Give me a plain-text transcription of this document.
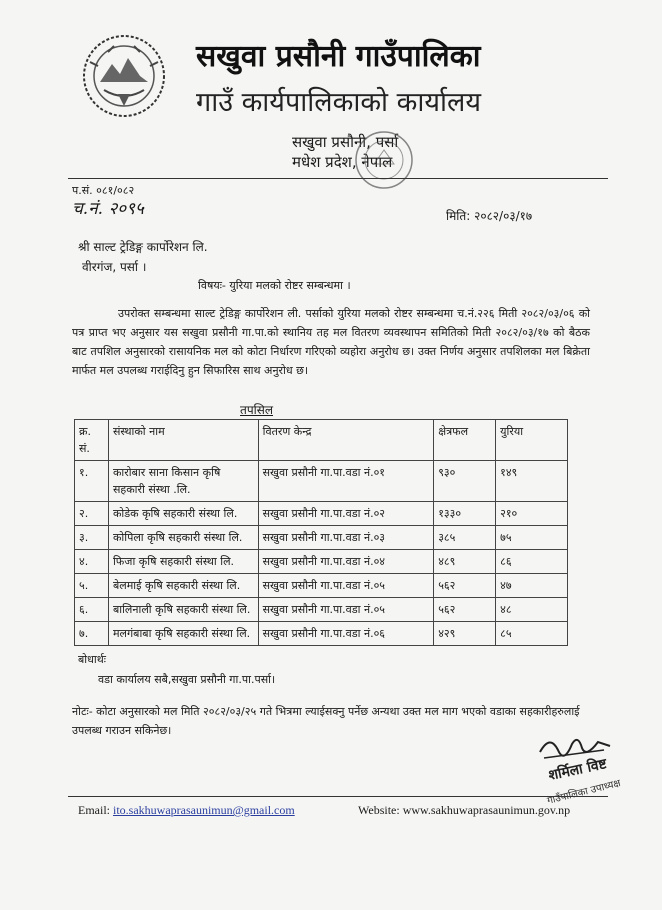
सखुवा प्रसौनी गाउँपालिका
गाउँ कार्यपालिकाको कार्यालय
सखुवा प्रसौनी, पर्सा
मधेश प्रदेश, नेपाल
प.सं. ०८१/०८२
च.नं. २०९५	मिति: २०८२/०३/१७
श्री साल्ट ट्रेडिङ्ग कार्पोरेशन लि.
वीरगंज, पर्सा ।
विषयः- युरिया मलको रोष्टर सम्बन्धमा ।
उपरोक्त सम्बन्धमा साल्ट ट्रेडिङ्ग कार्पोरेशन ली. पर्साको युरिया मलको रोष्टर सम्बन्धमा च.नं.२२६ मिती २०८२/०३/०६ को पत्र प्राप्त भए अनुसार यस सखुवा प्रसौनी गा.पा.को स्थानिय तह मल वितरण व्यवस्थापन समितिको मिती २०८२/०३/१७ को बैठक बाट तपशिल अनुसारको रासायनिक मल को कोटा निर्धारण गरिएको व्यहोरा अनुरोध छ। उक्त निर्णय अनुसार तपशिलका मल बिक्रेता मार्फत मल उपलब्ध गराईदिनु हुन सिफारिस साथ अनुरोध छ।
तपसिल
क्र. सं.	संस्थाको नाम	वितरण केन्द्र	क्षेत्रफल	युरिया
१.	कारोबार साना किसान कृषि सहकारी संस्था .लि.	सखुवा प्रसौनी गा.पा.वडा नं.०१	९३०	१४९
२.	कोडेक कृषि सहकारी संस्था लि.	सखुवा प्रसौनी गा.पा.वडा नं.०२	१३३०	२१०
३.	कोपिला कृषि सहकारी संस्था लि.	सखुवा प्रसौनी गा.पा.वडा नं.०३	३८५	७५
४.	फिजा कृषि सहकारी संस्था लि.	सखुवा प्रसौनी गा.पा.वडा नं.०४	४८९	८६
५.	बेलमाई कृषि सहकारी संस्था लि.	सखुवा प्रसौनी गा.पा.वडा नं.०५	५६२	४७
६.	बालिनाली कृषि सहकारी संस्था लि.	सखुवा प्रसौनी गा.पा.वडा नं.०५	५६२	४८
७.	मलगंबाबा कृषि सहकारी संस्था लि.	सखुवा प्रसौनी गा.पा.वडा नं.०६	४२९	८५
बोधार्थः
वडा कार्यालय सबै,सखुवा प्रसौनी गा.पा.पर्सा।
नोटः- कोटा अनुसारको मल मिति २०८२/०३/२५ गते भित्रमा ल्याईसक्नु पर्नेछ अन्यथा उक्त मल माग भएको वडाका सहकारीहरुलाई उपलब्ध गराउन सकिनेछ।
शर्मिला विष्ट
गाउँपालिका उपाध्यक्ष
Email: ito.sakhuwaprasaunimun@gmail.com	Website: www.sakhuwaprasaunimun.gov.np
